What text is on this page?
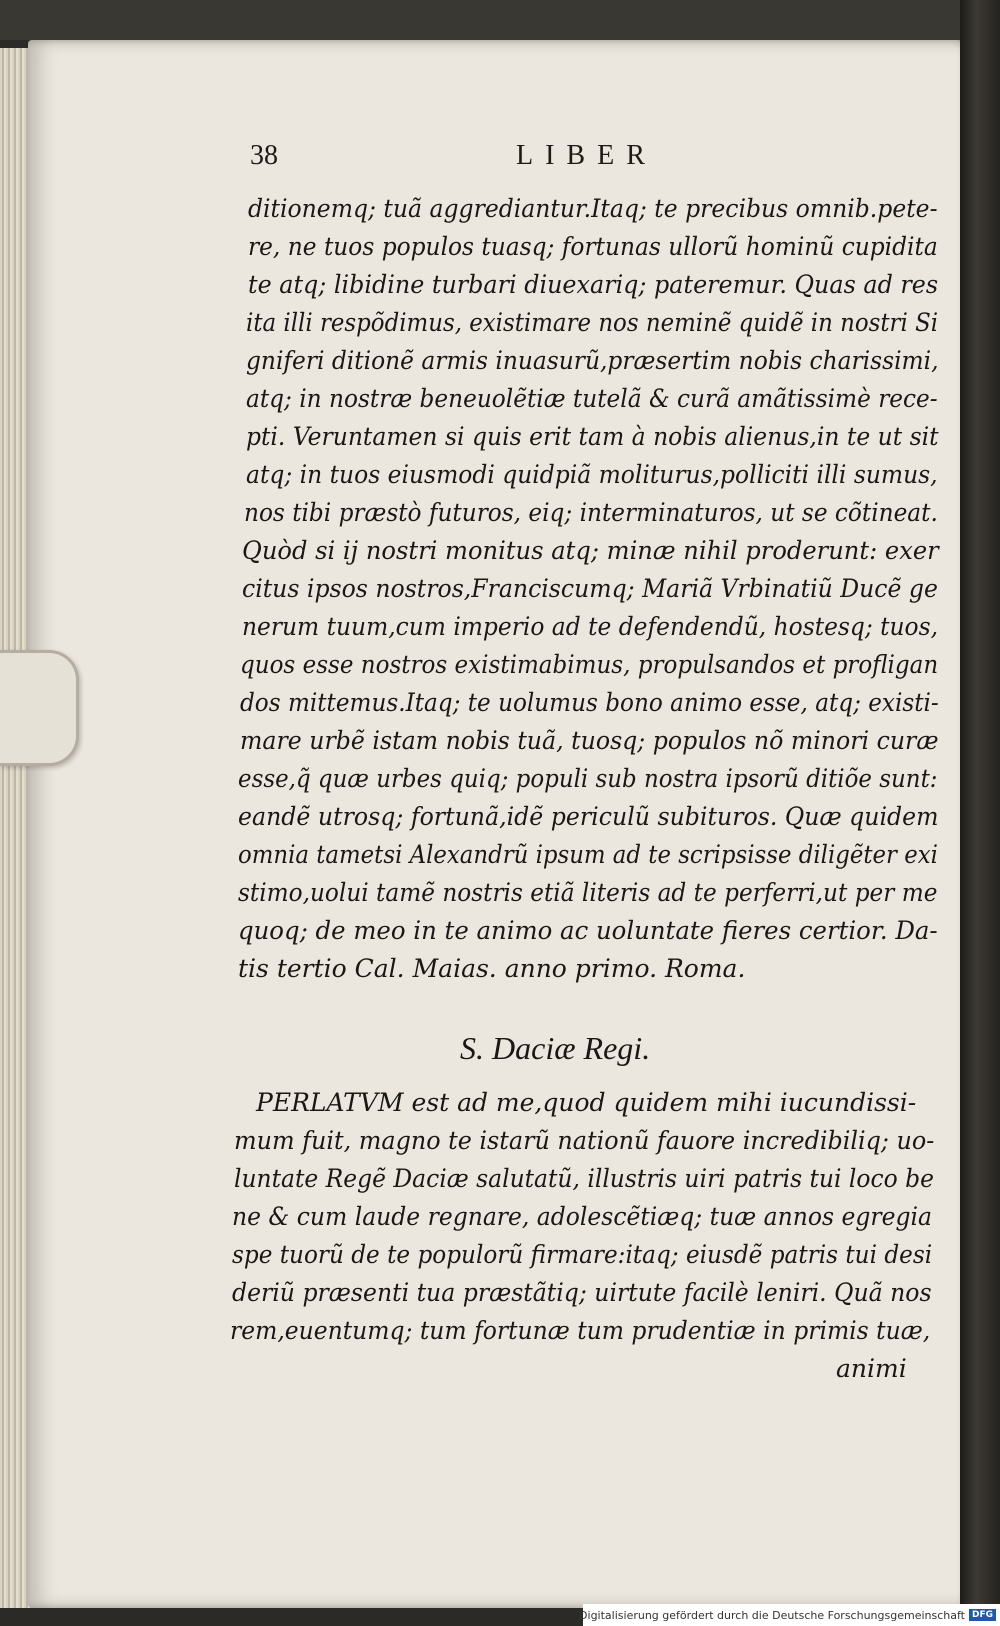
38	LIBER
ditionemq; tuã aggrediantur.Itaq; te precibus omnib.pete-
re, ne tuos populos tuasq; fortunas ullorũ hominũ cupidita
te atq; libidine turbari diuexariq; pateremur. Quas ad res
ita illi respõdimus, existimare nos neminẽ quidẽ in nostri Si
gniferi ditionẽ armis inuasurũ,præsertim nobis charissimi,
atq; in nostræ beneuolẽtiæ tutelã & curã amãtissimè rece-
pti. Veruntamen si quis erit tam à nobis alienus,in te ut sit
atq; in tuos eiusmodi quidpiã moliturus,polliciti illi sumus,
nos tibi præstò futuros, eiq; interminaturos, ut se cõtineat.
Quòd si ij nostri monitus atq; minæ nihil proderunt: exer
citus ipsos nostros,Franciscumq; Mariã Vrbinatiũ Ducẽ ge
nerum tuum,cum imperio ad te defendendũ, hostesq; tuos,
quos esse nostros existimabimus, propulsandos et profligan
dos mittemus.Itaq; te uolumus bono animo esse, atq; existi-
mare urbẽ istam nobis tuã, tuosq; populos nõ minori curæ
esse,q̃ quæ urbes quiq; populi sub nostra ipsorũ ditiõe sunt:
eandẽ utrosq; fortunã,idẽ periculũ subituros. Quæ quidem
omnia tametsi Alexandrũ ipsum ad te scripsisse diligẽter exi
stimo,uolui tamẽ nostris etiã literis ad te perferri,ut per me
quoq; de meo in te animo ac uoluntate fieres certior. Da-
tis tertio Cal. Maias. anno primo. Roma.
S. Daciæ Regi.
PERLATVM est ad me,quod quidem mihi iucundissi-
mum fuit, magno te istarũ nationũ fauore incredibiliq; uo-
luntate Regẽ Daciæ salutatũ, illustris uiri patris tui loco be
ne & cum laude regnare, adolescẽtiæq; tuæ annos egregia
spe tuorũ de te populorũ firmare:itaq; eiusdẽ patris tui desi
deriũ præsenti tua præstãtiq; uirtute facilè leniri. Quã nos
rem,euentumq; tum fortunæ tum prudentiæ in primis tuæ,
animi
Digitalisierung gefördert durch die Deutsche Forschungsgemeinschaft DFG
